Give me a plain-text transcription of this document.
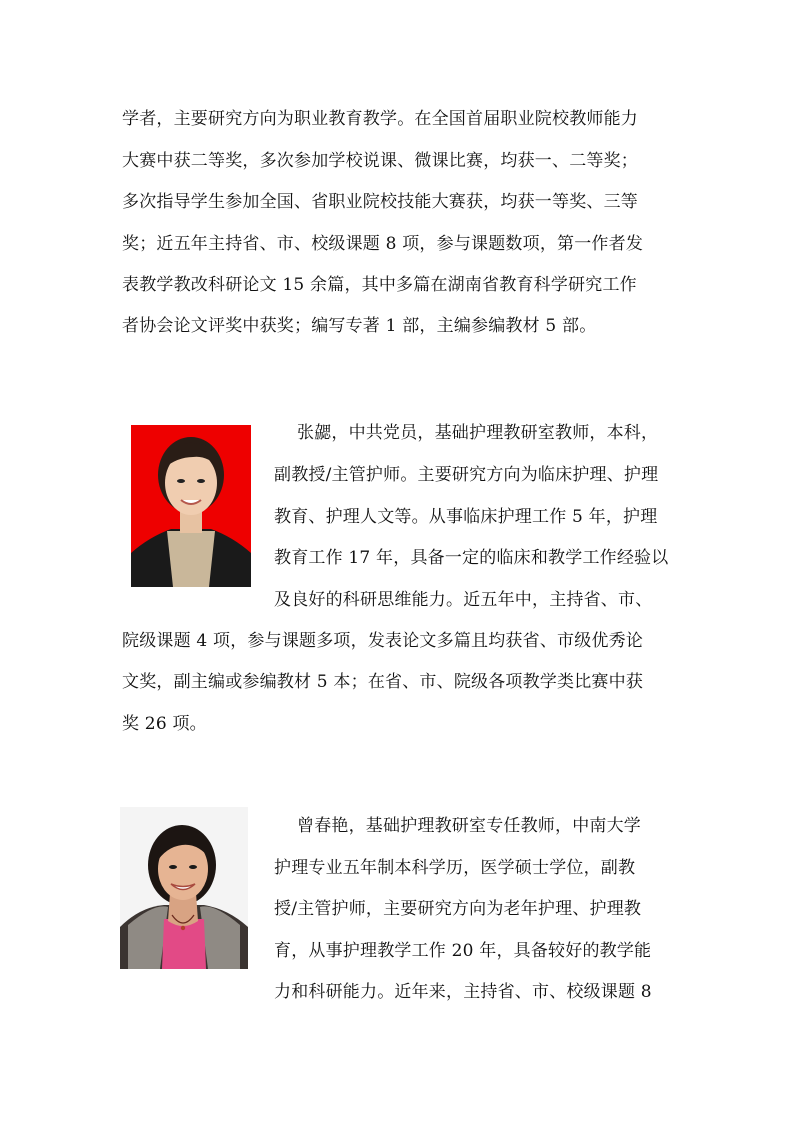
学者，主要研究方向为职业教育教学。在全国首届职业院校教师能力
大赛中获二等奖，多次参加学校说课、微课比赛，均获一、二等奖；
多次指导学生参加全国、省职业院校技能大赛获，均获一等奖、三等
奖；近五年主持省、市、校级课题 8 项，参与课题数项，第一作者发
表教学教改科研论文 15 余篇，其中多篇在湖南省教育科学研究工作
者协会论文评奖中获奖；编写专著 1 部，主编参编教材 5 部。
张勰，中共党员，基础护理教研室教师，本科，
副教授/主管护师。主要研究方向为临床护理、护理
教育、护理人文等。从事临床护理工作 5 年，护理
教育工作 17 年，具备一定的临床和教学工作经验以
及良好的科研思维能力。近五年中，主持省、市、
院级课题 4 项，参与课题多项，发表论文多篇且均获省、市级优秀论
文奖，副主编或参编教材 5 本；在省、市、院级各项教学类比赛中获
奖 26 项。
曾春艳，基础护理教研室专任教师，中南大学
护理专业五年制本科学历，医学硕士学位，副教
授/主管护师，主要研究方向为老年护理、护理教
育，从事护理教学工作 20 年，具备较好的教学能
力和科研能力。近年来，主持省、市、校级课题 8
